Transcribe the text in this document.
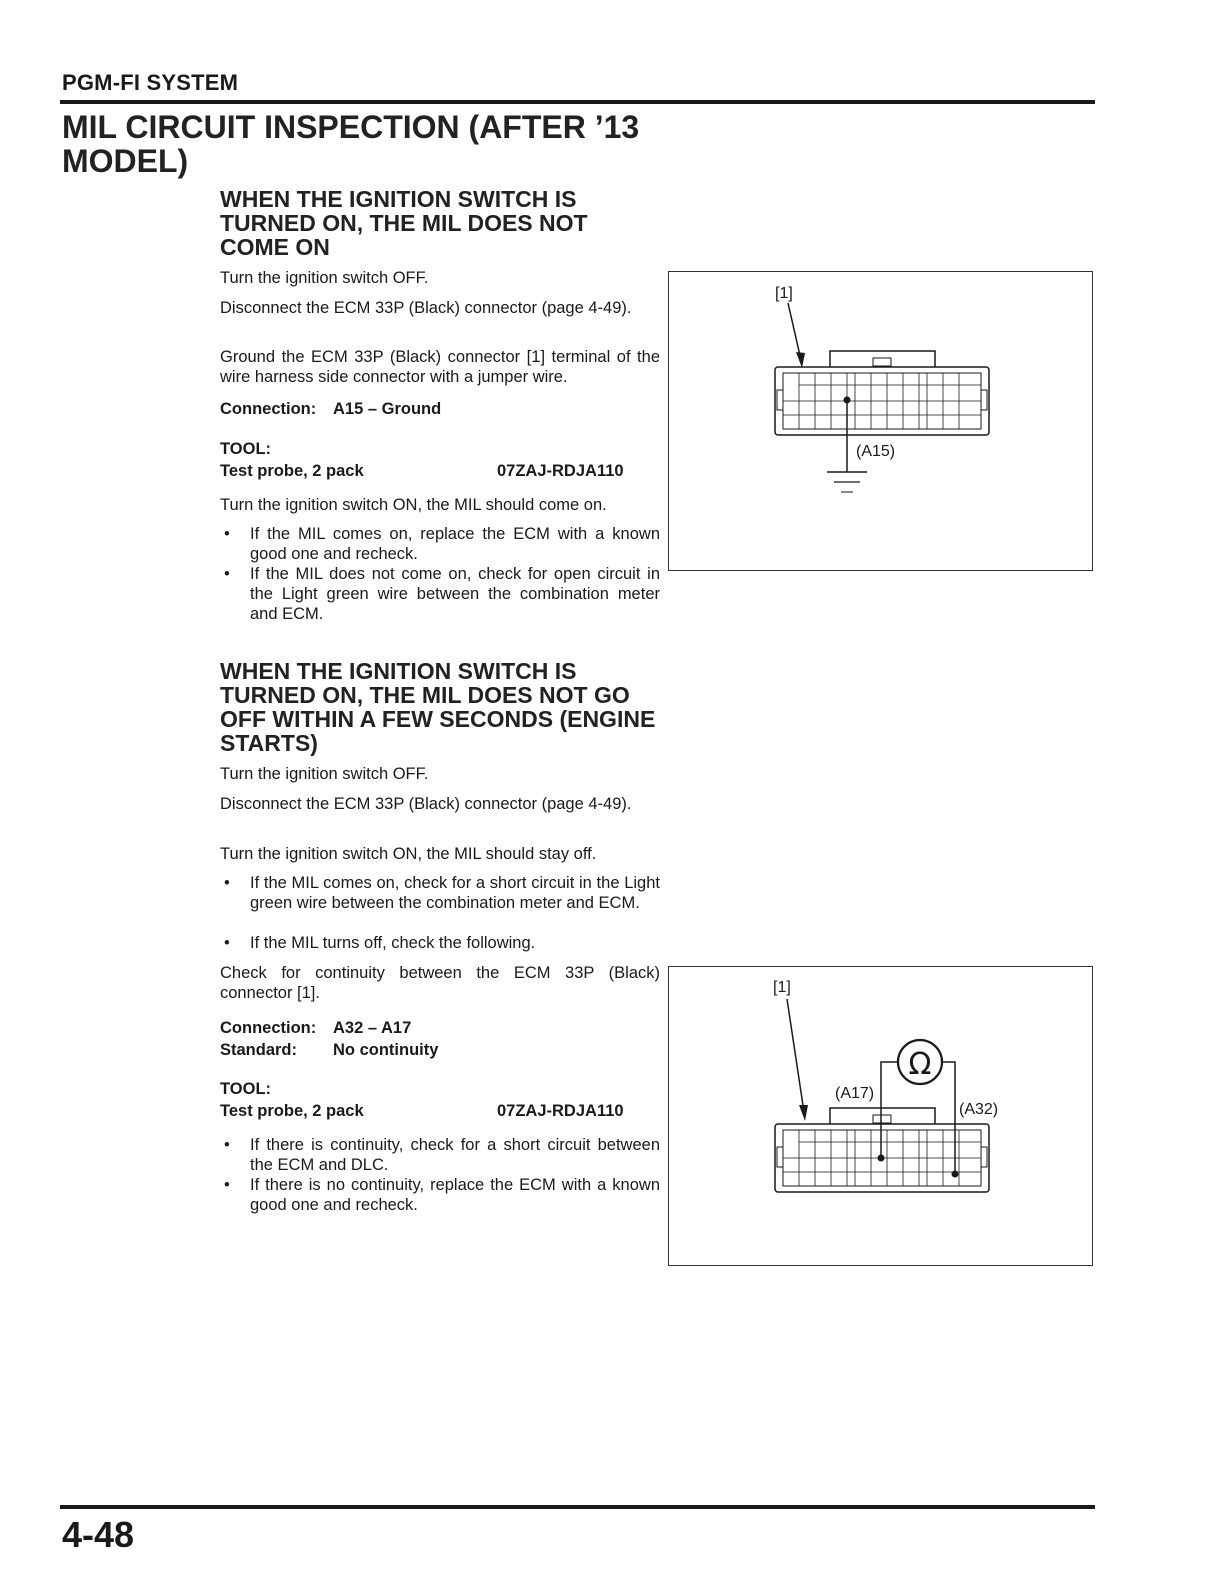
PGM-FI SYSTEM
MIL CIRCUIT INSPECTION (AFTER ’13 MODEL)
WHEN THE IGNITION SWITCH IS TURNED ON, THE MIL DOES NOT COME ON
Turn the ignition switch OFF.
Disconnect the ECM 33P (Black) connector (page 4-49).
Ground the ECM 33P (Black) connector [1] terminal of the wire harness side connector with a jumper wire.
Connection: A15 – Ground
TOOL:
Test probe, 2 pack	07ZAJ-RDJA110
Turn the ignition switch ON, the MIL should come on.
• If the MIL comes on, replace the ECM with a known good one and recheck.
• If the MIL does not come on, check for open circuit in the Light green wire between the combination meter and ECM.
[1]
(A15)
WHEN THE IGNITION SWITCH IS TURNED ON, THE MIL DOES NOT GO OFF WITHIN A FEW SECONDS (ENGINE STARTS)
Turn the ignition switch OFF.
Disconnect the ECM 33P (Black) connector (page 4-49).
Turn the ignition switch ON, the MIL should stay off.
• If the MIL comes on, check for a short circuit in the Light green wire between the combination meter and ECM.
• If the MIL turns off, check the following.
Check for continuity between the ECM 33P (Black) connector [1].
Connection: A32 – A17
Standard: No continuity
TOOL:
Test probe, 2 pack	07ZAJ-RDJA110
• If there is continuity, check for a short circuit between the ECM and DLC.
• If there is no continuity, replace the ECM with a known good one and recheck.
[1]
Ω
(A17)
(A32)
4-48
